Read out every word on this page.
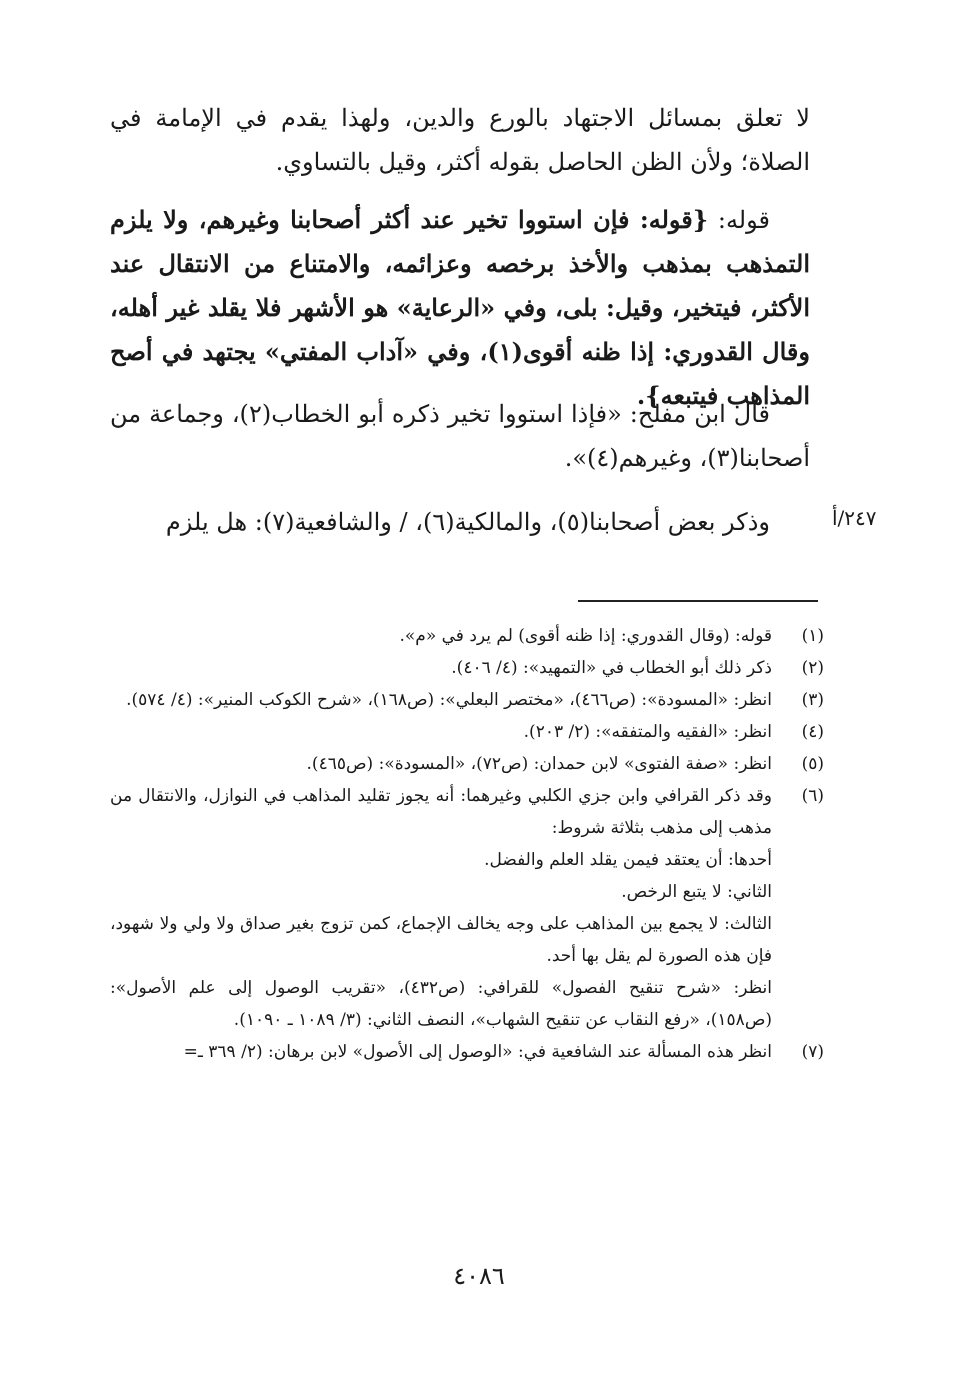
٢٤٧/أ

لا تعلق بمسائل الاجتهاد بالورع والدين، ولهذا يقدم في الإمامة في الصلاة؛ ولأن الظن الحاصل بقوله أكثر، وقيل بالتساوي.

قوله: {قوله: فإن استووا تخير عند أكثر أصحابنا وغيرهم، ولا يلزم التمذهب بمذهب والأخذ برخصه وعزائمه، والامتناع من الانتقال عند الأكثر، فيتخير، وقيل: بلى، وفي «الرعاية» هو الأشهر فلا يقلد غير أهله، وقال القدوري: إذا ظنه أقوى(١)، وفي «آداب المفتي» يجتهد في أصح المذاهب فيتبعه}.

قال ابن مفلح: «فإذا استووا تخير ذكره أبو الخطاب(٢)، وجماعة من أصحابنا(٣)، وغيرهم(٤)».

وذكر بعض أصحابنا(٥)، والمالكية(٦)، / والشافعية(٧): هل يلزم

(١)
قوله: (وقال القدوري: إذا ظنه أقوى) لم يرد في «م».
(٢)
ذكر ذلك أبو الخطاب في «التمهيد»: (٤/ ٤٠٦).
(٣)
انظر: «المسودة»: (ص٤٦٦)، «مختصر البعلي»: (ص١٦٨)، «شرح الكوكب المنير»: (٤/ ٥٧٤).
(٤)
انظر: «الفقيه والمتفقه»: (٢/ ٢٠٣).
(٥)
انظر: «صفة الفتوى» لابن حمدان: (ص٧٢)، «المسودة»: (ص٤٦٥).
(٦)
وقد ذكر القرافي وابن جزي الكلبي وغيرهما: أنه يجوز تقليد المذاهب في النوازل، والانتقال من مذهب إلى مذهب بثلاثة شروط:
أحدها: أن يعتقد فيمن يقلد العلم والفضل.
الثاني: لا يتبع الرخص.
الثالث: لا يجمع بين المذاهب على وجه يخالف الإجماع، كمن تزوج بغير صداق ولا ولي ولا شهود، فإن هذه الصورة لم يقل بها أحد.
انظر: «شرح تنقيح الفصول» للقرافي: (ص٤٣٢)، «تقريب الوصول إلى علم الأصول»: (ص١٥٨)، «رفع النقاب عن تنقيح الشهاب»، النصف الثاني: (٣/ ١٠٨٩ ـ ١٠٩٠).
(٧)
انظر هذه المسألة عند الشافعية في: «الوصول إلى الأصول» لابن برهان: (٢/ ٣٦٩ ـ=
٤٠٨٦
